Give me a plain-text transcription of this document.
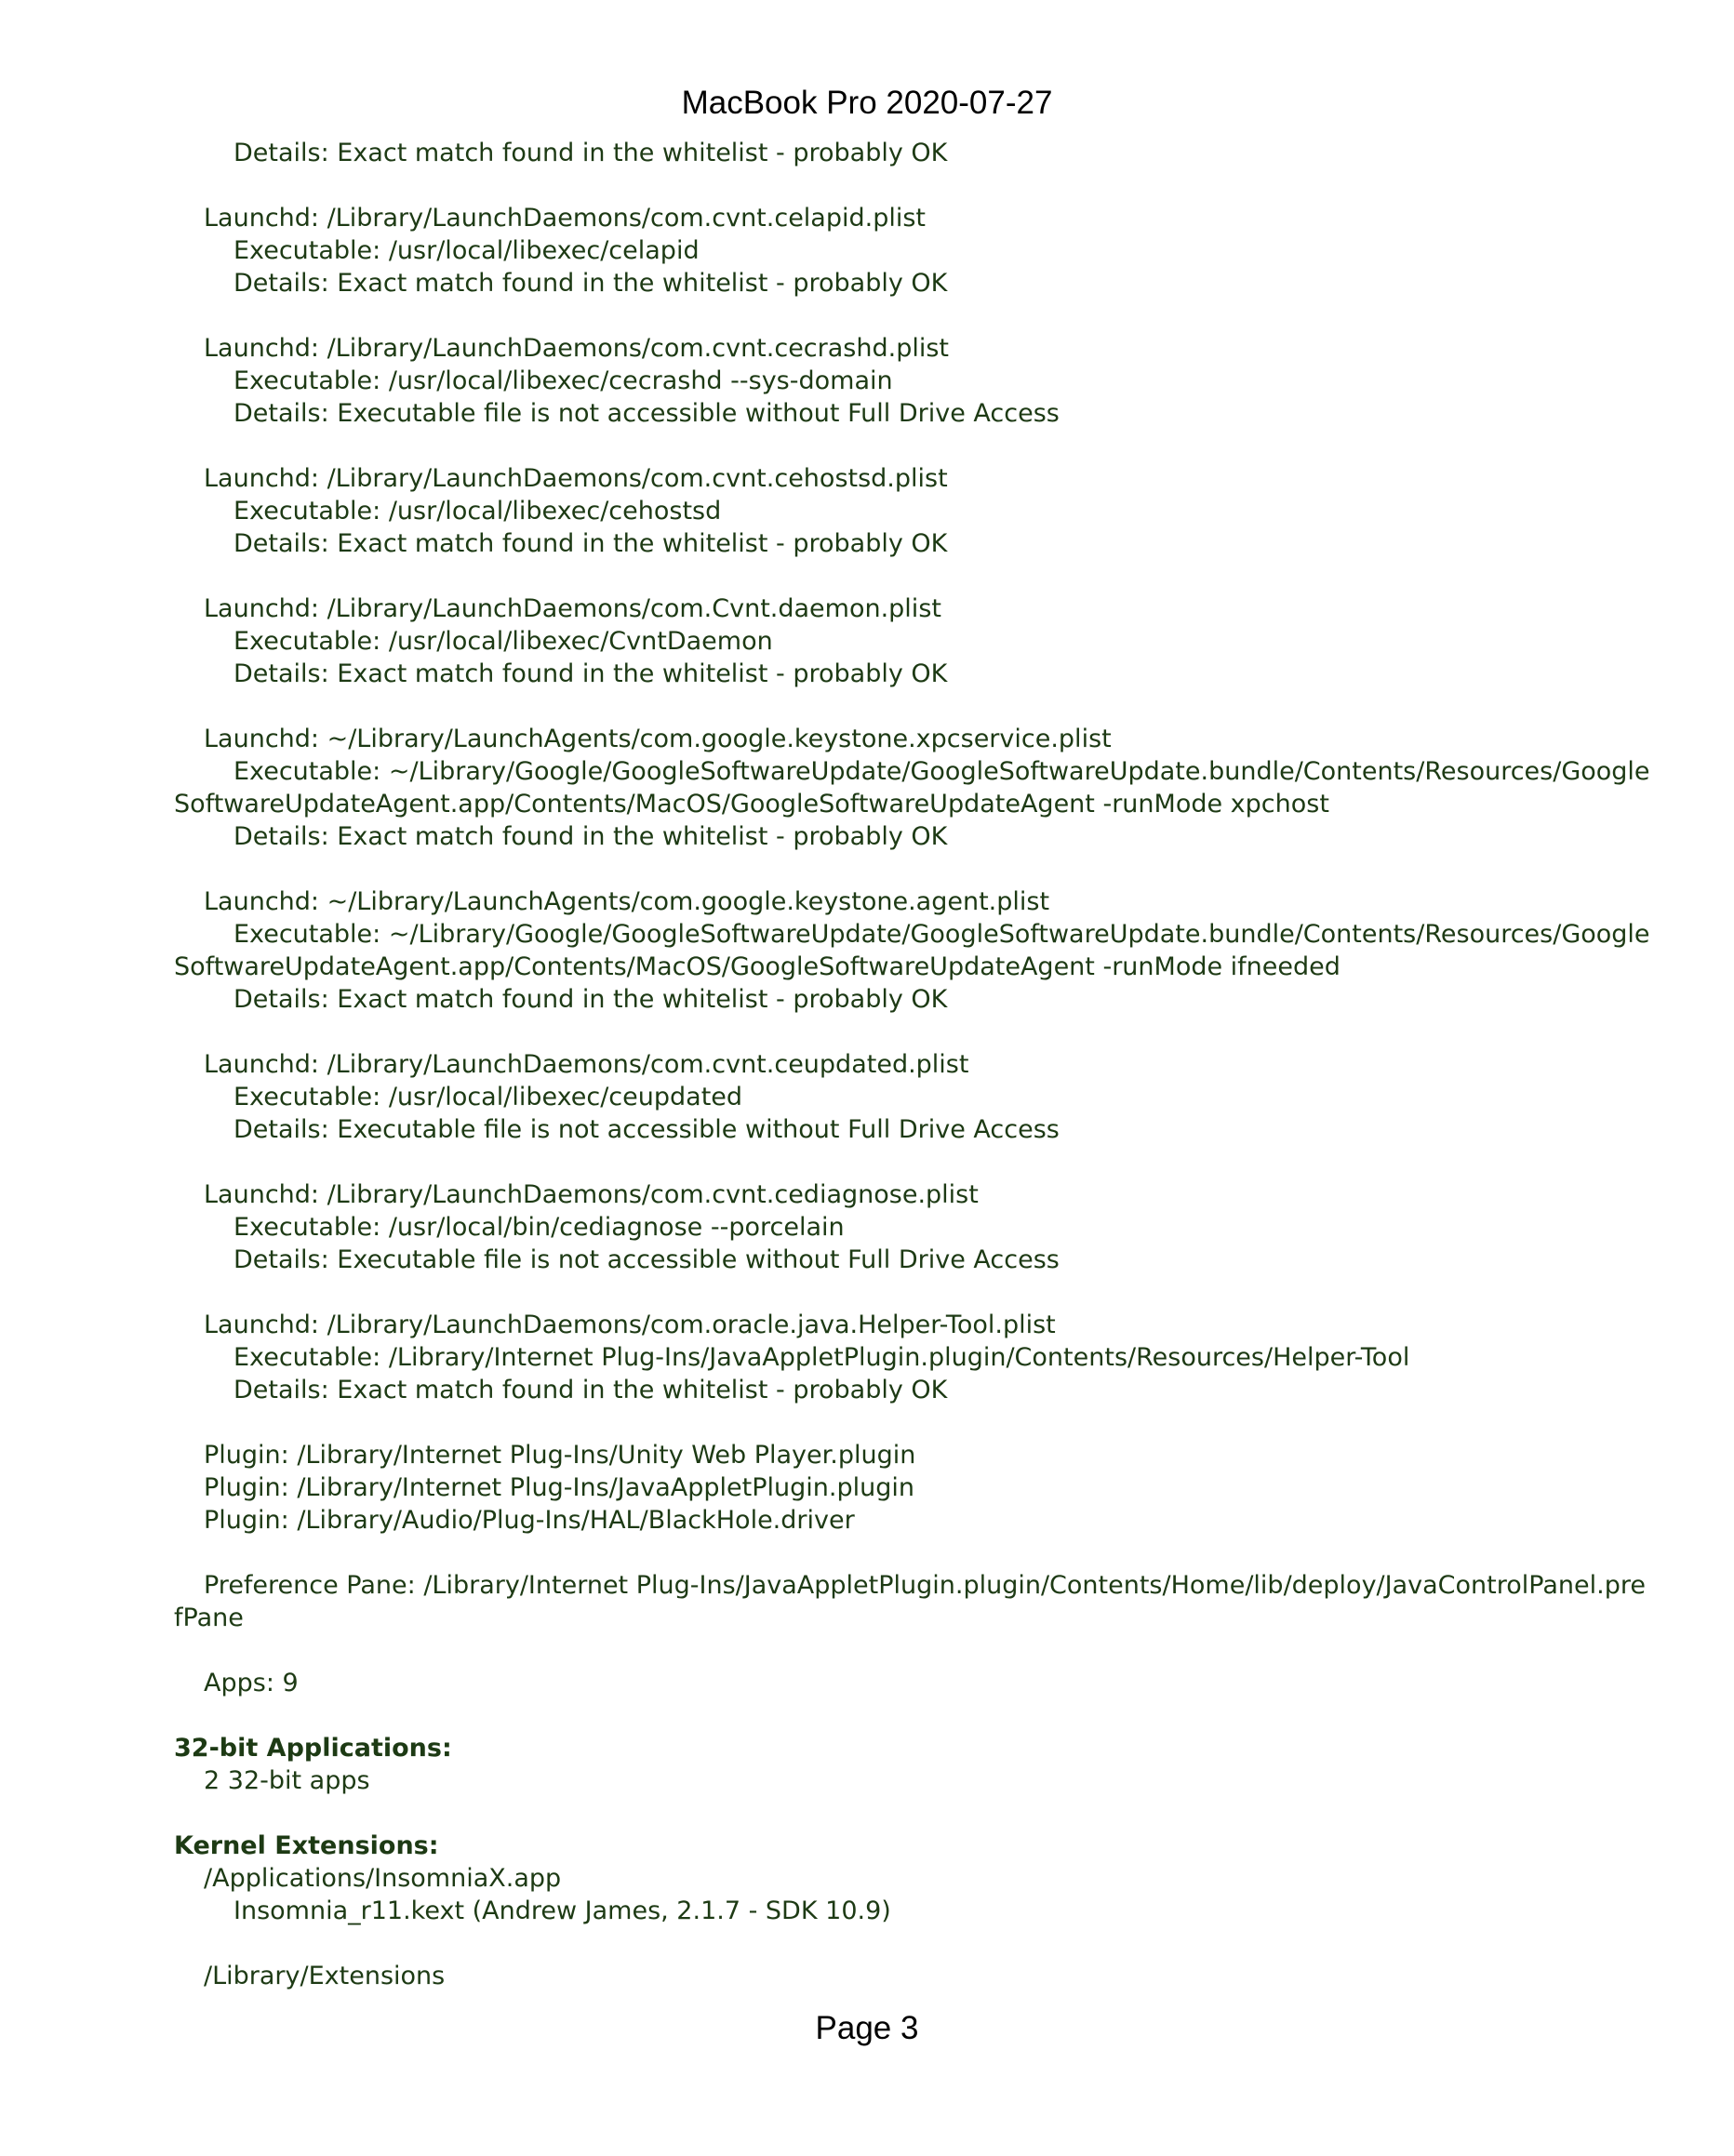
MacBook Pro 2020-07-27
Details: Exact match found in the whitelist - probably OK
Launchd: /Library/LaunchDaemons/com.cvnt.celapid.plist
Executable: /usr/local/libexec/celapid
Details: Exact match found in the whitelist - probably OK
Launchd: /Library/LaunchDaemons/com.cvnt.cecrashd.plist
Executable: /usr/local/libexec/cecrashd --sys-domain
Details: Executable file is not accessible without Full Drive Access
Launchd: /Library/LaunchDaemons/com.cvnt.cehostsd.plist
Executable: /usr/local/libexec/cehostsd
Details: Exact match found in the whitelist - probably OK
Launchd: /Library/LaunchDaemons/com.Cvnt.daemon.plist
Executable: /usr/local/libexec/CvntDaemon
Details: Exact match found in the whitelist - probably OK
Launchd: ~/Library/LaunchAgents/com.google.keystone.xpcservice.plist
Executable: ~/Library/Google/GoogleSoftwareUpdate/GoogleSoftwareUpdate.bundle/Contents/Resources/Google
SoftwareUpdateAgent.app/Contents/MacOS/GoogleSoftwareUpdateAgent -runMode xpchost
Details: Exact match found in the whitelist - probably OK
Launchd: ~/Library/LaunchAgents/com.google.keystone.agent.plist
Executable: ~/Library/Google/GoogleSoftwareUpdate/GoogleSoftwareUpdate.bundle/Contents/Resources/Google
SoftwareUpdateAgent.app/Contents/MacOS/GoogleSoftwareUpdateAgent -runMode ifneeded
Details: Exact match found in the whitelist - probably OK
Launchd: /Library/LaunchDaemons/com.cvnt.ceupdated.plist
Executable: /usr/local/libexec/ceupdated
Details: Executable file is not accessible without Full Drive Access
Launchd: /Library/LaunchDaemons/com.cvnt.cediagnose.plist
Executable: /usr/local/bin/cediagnose --porcelain
Details: Executable file is not accessible without Full Drive Access
Launchd: /Library/LaunchDaemons/com.oracle.java.Helper-Tool.plist
Executable: /Library/Internet Plug-Ins/JavaAppletPlugin.plugin/Contents/Resources/Helper-Tool
Details: Exact match found in the whitelist - probably OK
Plugin: /Library/Internet Plug-Ins/Unity Web Player.plugin
Plugin: /Library/Internet Plug-Ins/JavaAppletPlugin.plugin
Plugin: /Library/Audio/Plug-Ins/HAL/BlackHole.driver
Preference Pane: /Library/Internet Plug-Ins/JavaAppletPlugin.plugin/Contents/Home/lib/deploy/JavaControlPanel.pre
fPane
Apps: 9
32-bit Applications:
2 32-bit apps
Kernel Extensions:
/Applications/InsomniaX.app
Insomnia_r11.kext (Andrew James, 2.1.7 - SDK 10.9)
/Library/Extensions
Page 3
